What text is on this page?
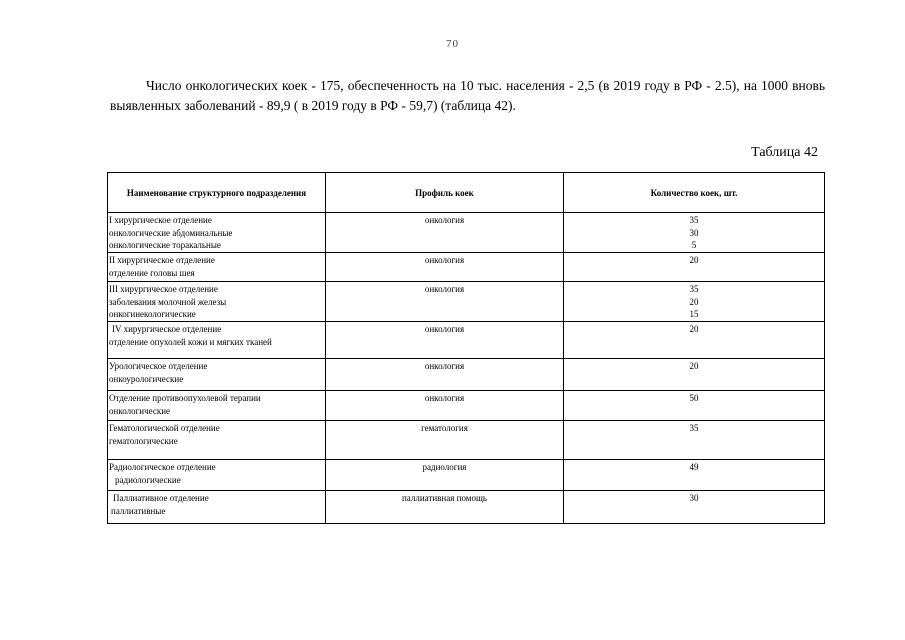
70

Число онкологических коек - 175, обеспеченность на 10 тыс. населения - 2,5 (в 2019 году в РФ - 2.5), на 1000 вновь выявленных заболеваний - 89,9 ( в 2019 году в РФ - 59,7) (таблица 42).

Таблица 42
Наименование структурного подразделения	Профиль коек	Количество коек, шт.

I хирургическое отделение
онкологические абдоминальные
онкологические торакальные	онкология	35
30
5

II хирургическое отделение
отделение головы шея	онкология	20

III хирургическое отделение
заболевания молочной железы
онкогинекологические	онкология	35
20
15

IV хирургическое отделение
отделение опухолей кожи и мягких тканей	онкология	20

Урологическое отделение
онкоурологические	онкология	20

Отделение противоопухолевой терапии
онкологические	онкология	50

Гематологической отделение
гематологические	гематология	35

Радиологическое отделение
радиологические	радиология	49

Паллиативное отделение
паллиативные	паллиативная помощь	30
